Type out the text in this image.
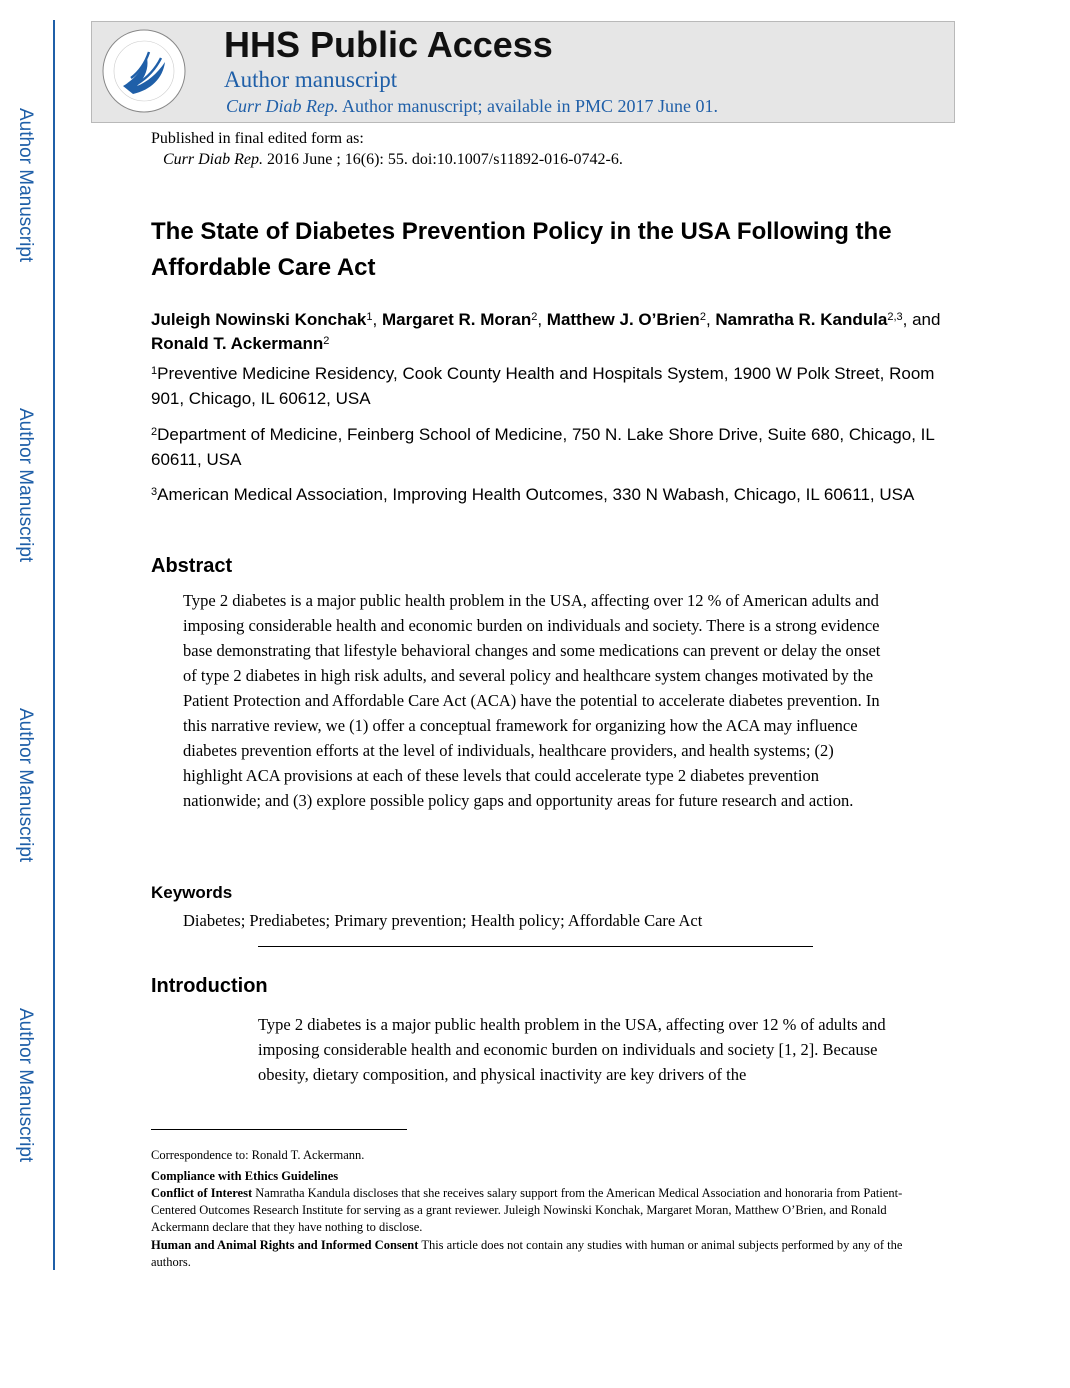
Author Manuscript
Author Manuscript
Author Manuscript
Author Manuscript
HHS Public Access
Author manuscript
Curr Diab Rep. Author manuscript; available in PMC 2017 June 01.
Published in final edited form as:
Curr Diab Rep. 2016 June ; 16(6): 55. doi:10.1007/s11892-016-0742-6.
The State of Diabetes Prevention Policy in the USA Following the Affordable Care Act
Juleigh Nowinski Konchak$^1$, Margaret R. Moran$^2$, Matthew J. O’Brien$^2$, Namratha R. Kandula$^{2,3}$, and Ronald T. Ackermann$^2$
$^1$Preventive Medicine Residency, Cook County Health and Hospitals System, 1900 W Polk Street, Room 901, Chicago, IL 60612, USA
$^2$Department of Medicine, Feinberg School of Medicine, 750 N. Lake Shore Drive, Suite 680, Chicago, IL 60611, USA
$^3$American Medical Association, Improving Health Outcomes, 330 N Wabash, Chicago, IL 60611, USA
Abstract
Type 2 diabetes is a major public health problem in the USA, affecting over 12 % of American adults and imposing considerable health and economic burden on individuals and society. There is a strong evidence base demonstrating that lifestyle behavioral changes and some medications can prevent or delay the onset of type 2 diabetes in high risk adults, and several policy and healthcare system changes motivated by the Patient Protection and Affordable Care Act (ACA) have the potential to accelerate diabetes prevention. In this narrative review, we (1) offer a conceptual framework for organizing how the ACA may influence diabetes prevention efforts at the level of individuals, healthcare providers, and health systems; (2) highlight ACA provisions at each of these levels that could accelerate type 2 diabetes prevention nationwide; and (3) explore possible policy gaps and opportunity areas for future research and action.
Keywords
Diabetes; Prediabetes; Primary prevention; Health policy; Affordable Care Act
Introduction
Type 2 diabetes is a major public health problem in the USA, affecting over 12 % of adults and imposing considerable health and economic burden on individuals and society [1, 2]. Because obesity, dietary composition, and physical inactivity are key drivers of the
Correspondence to: Ronald T. Ackermann.
Compliance with Ethics Guidelines
Conflict of Interest Namratha Kandula discloses that she receives salary support from the American Medical Association and honoraria from Patient-Centered Outcomes Research Institute for serving as a grant reviewer. Juleigh Nowinski Konchak, Margaret Moran, Matthew O’Brien, and Ronald Ackermann declare that they have nothing to disclose.
Human and Animal Rights and Informed Consent This article does not contain any studies with human or animal subjects performed by any of the authors.
